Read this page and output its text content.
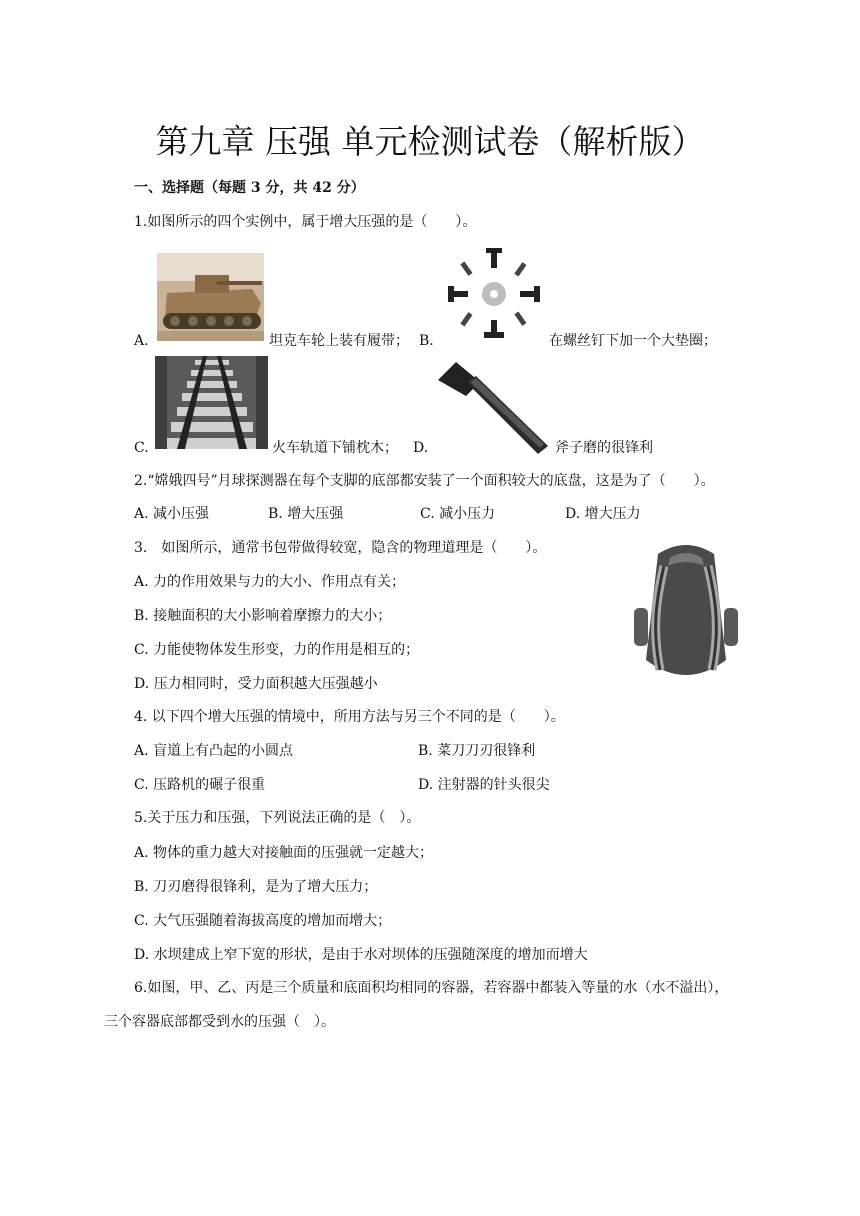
第九章 压强 单元检测试卷（解析版）
一、选择题（每题 3 分，共 42 分）
1.如图所示的四个实例中，属于增大压强的是（　　）。
A.	坦克车轮上装有履带； B.	在螺丝钉下加一个大垫圈；
C.	火车轨道下铺枕木； D.	斧子磨的很锋利
2.“嫦娥四号”月球探测器在每个支脚的底部都安装了一个面积较大的底盘，这是为了（　　）。
A. 减小压强	B. 增大压强	C. 减小压力	D. 增大压力
3.　如图所示，通常书包带做得较宽，隐含的物理道理是（　　）。
A. 力的作用效果与力的大小、作用点有关；
B. 接触面积的大小影响着摩擦力的大小；
C. 力能使物体发生形变，力的作用是相互的；
D. 压力相同时，受力面积越大压强越小
4. 以下四个增大压强的情境中，所用方法与另三个不同的是（　　）。
A. 盲道上有凸起的小圆点	B. 菜刀刀刃很锋利
C. 压路机的碾子很重	D. 注射器的针头很尖
5.关于压力和压强，下列说法正确的是（　）。
A. 物体的重力越大对接触面的压强就一定越大；
B. 刀刃磨得很锋利，是为了增大压力；
C. 大气压强随着海拔高度的增加而增大；
D. 水坝建成上窄下宽的形状，是由于水对坝体的压强随深度的增加而增大
6.如图，甲、乙、丙是三个质量和底面积均相同的容器，若容器中都装入等量的水（水不溢出），
三个容器底部都受到水的压强（　）。
